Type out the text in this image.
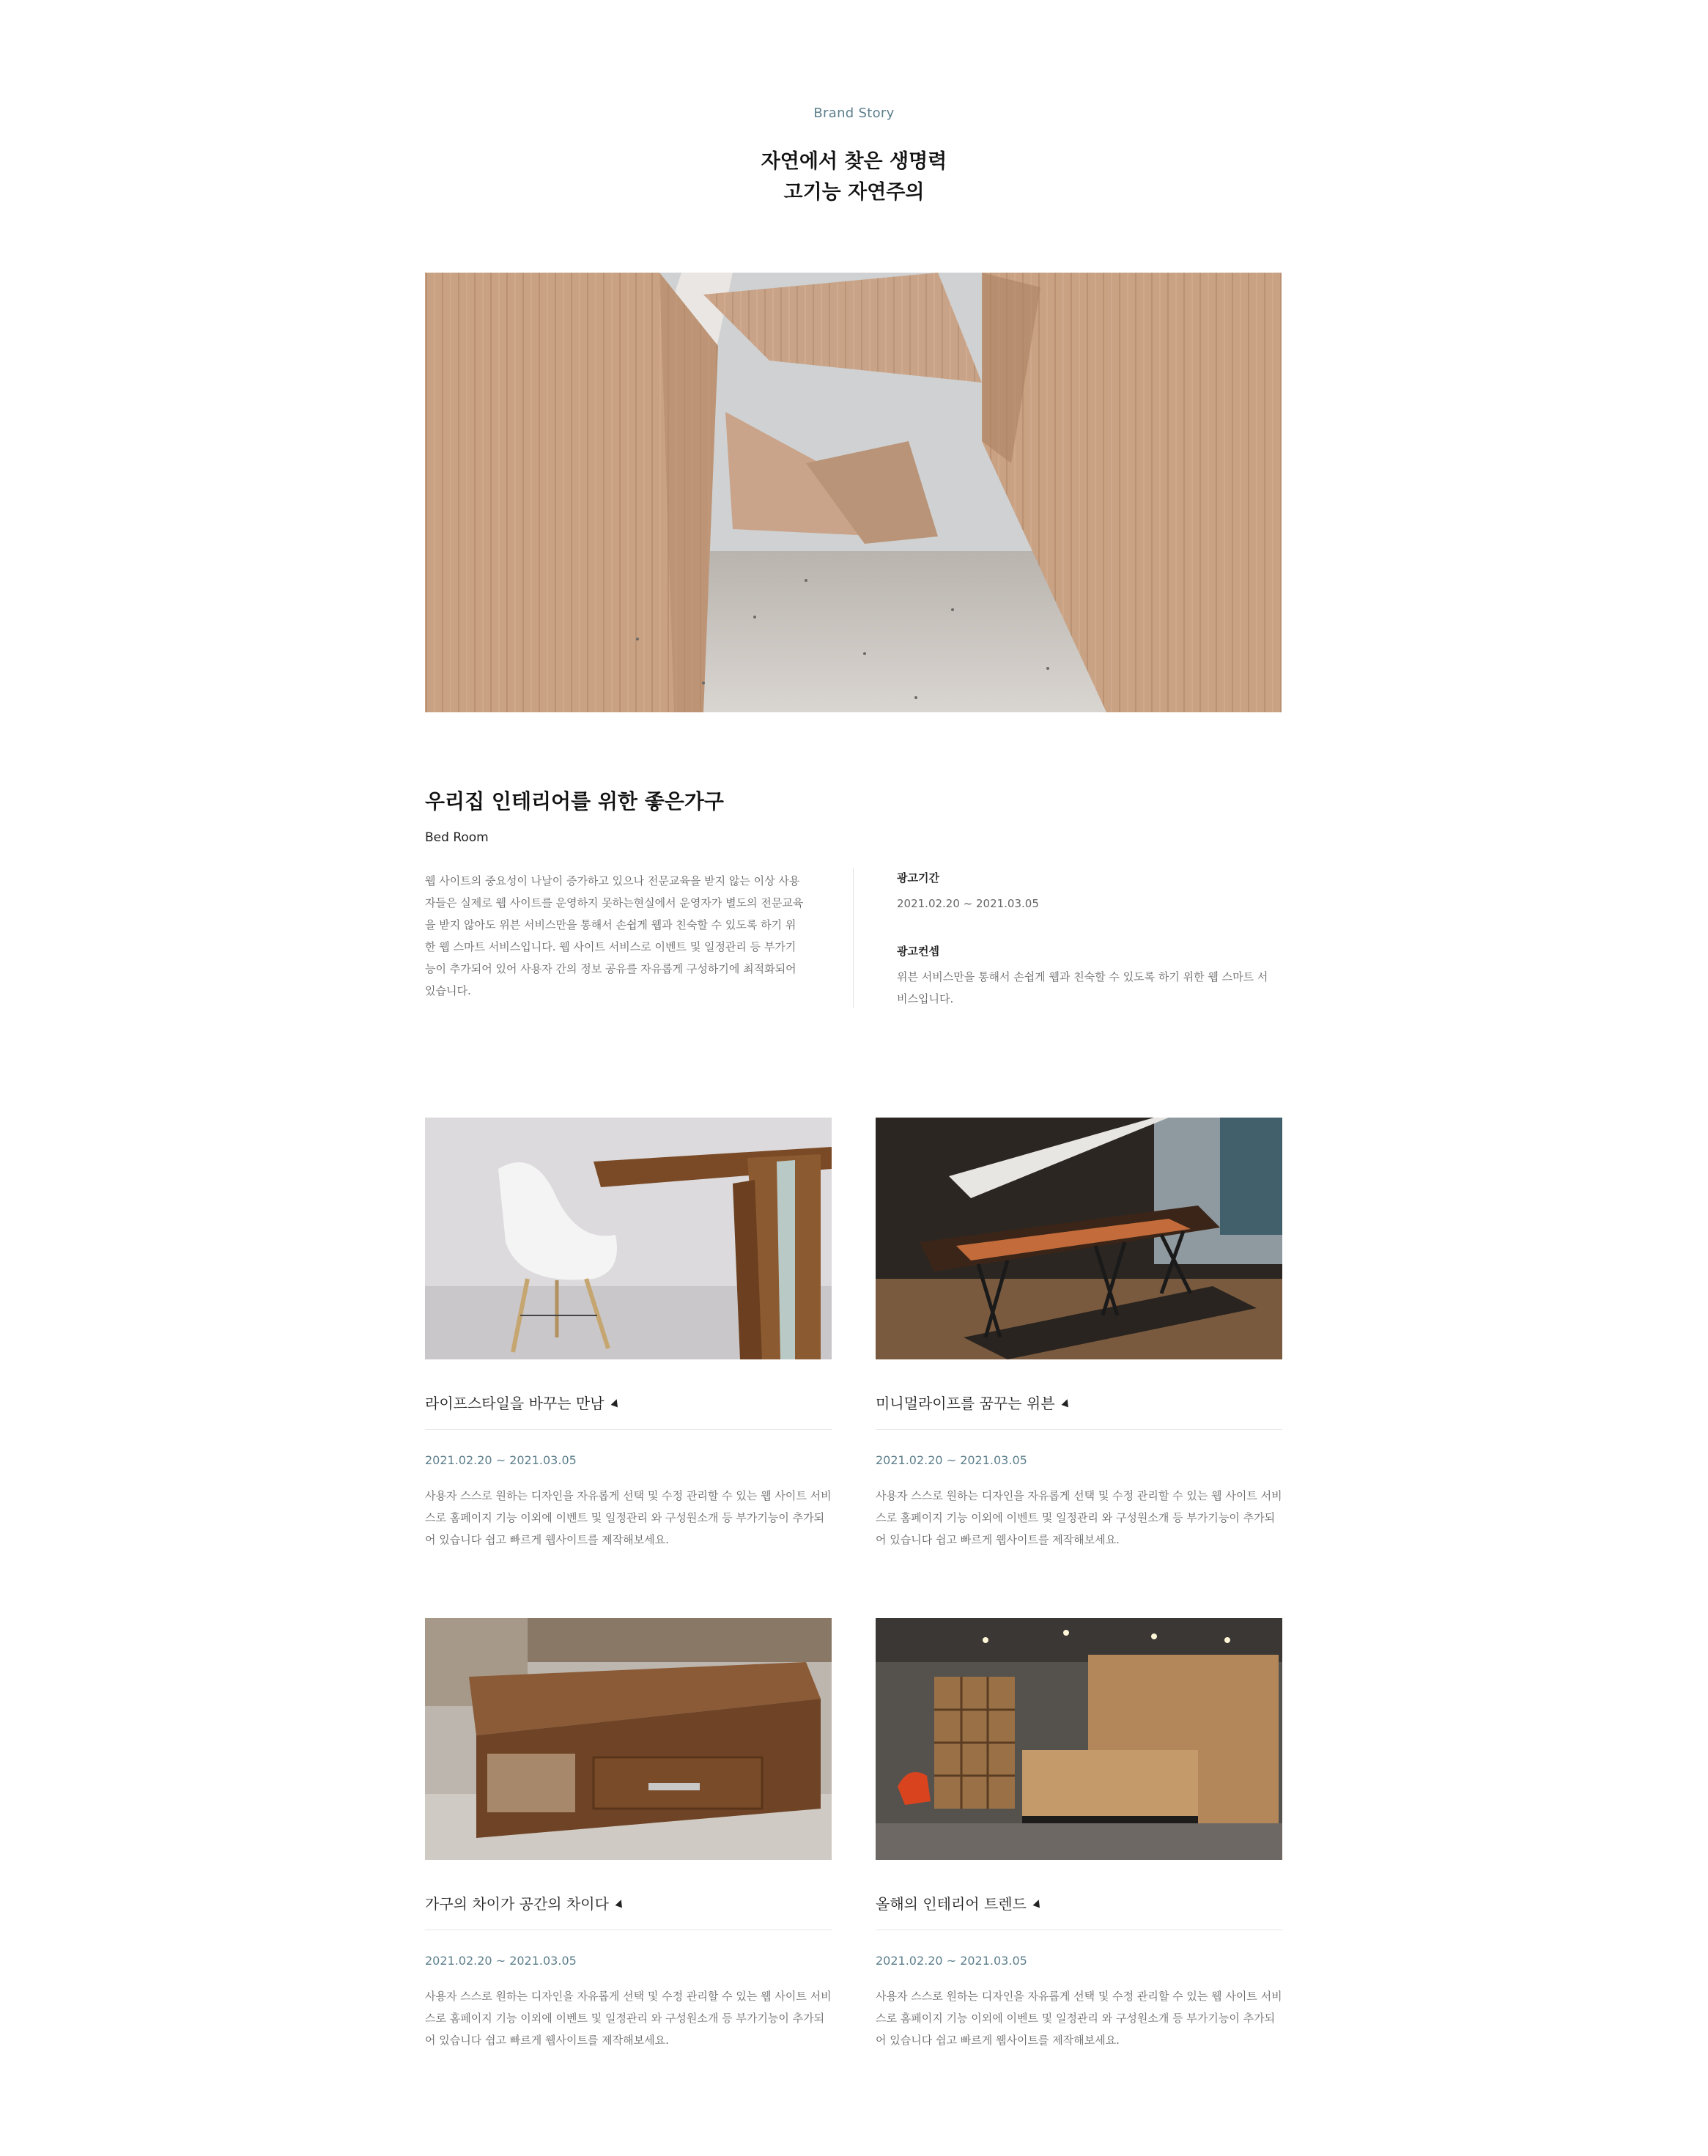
Brand Story
자연에서 찾은 생명력
고기능 자연주의
우리집 인테리어를 위한 좋은가구
Bed Room
웹 사이트의 중요성이 나날이 증가하고 있으나 전문교육을 받지 않는 이상 사용자들은 실제로 웹 사이트를 운영하지 못하는현실에서 운영자가 별도의 전문교육을 받지 않아도 위븐 서비스만을 통해서 손쉽게 웹과 친숙할 수 있도록 하기 위한 웹 스마트 서비스입니다. 웹 사이트 서비스로 이벤트 및 일정관리 등 부가기능이 추가되어 있어 사용자 간의 정보 공유를 자유롭게 구성하기에 최적화되어 있습니다.
광고기간
2021.02.20 ~ 2021.03.05
광고컨셉
위븐 서비스만을 통해서 손쉽게 웹과 친숙할 수 있도록 하기 위한 웹 스마트 서비스입니다.
라이프스타일을 바꾸는 만남
2021.02.20 ~ 2021.03.05
사용자 스스로 원하는 디자인을 자유롭게 선택 및 수정 관리할 수 있는 웹 사이트 서비스로 홈페이지 기능 이외에 이벤트 및 일정관리 와 구성원소개 등 부가기능이 추가되어 있습니다 쉽고 빠르게 웹사이트를 제작해보세요.
미니멀라이프를 꿈꾸는 위븐
2021.02.20 ~ 2021.03.05
사용자 스스로 원하는 디자인을 자유롭게 선택 및 수정 관리할 수 있는 웹 사이트 서비스로 홈페이지 기능 이외에 이벤트 및 일정관리 와 구성원소개 등 부가기능이 추가되어 있습니다 쉽고 빠르게 웹사이트를 제작해보세요.
가구의 차이가 공간의 차이다
2021.02.20 ~ 2021.03.05
사용자 스스로 원하는 디자인을 자유롭게 선택 및 수정 관리할 수 있는 웹 사이트 서비스로 홈페이지 기능 이외에 이벤트 및 일정관리 와 구성원소개 등 부가기능이 추가되어 있습니다 쉽고 빠르게 웹사이트를 제작해보세요.
올해의 인테리어 트렌드
2021.02.20 ~ 2021.03.05
사용자 스스로 원하는 디자인을 자유롭게 선택 및 수정 관리할 수 있는 웹 사이트 서비스로 홈페이지 기능 이외에 이벤트 및 일정관리 와 구성원소개 등 부가기능이 추가되어 있습니다 쉽고 빠르게 웹사이트를 제작해보세요.
